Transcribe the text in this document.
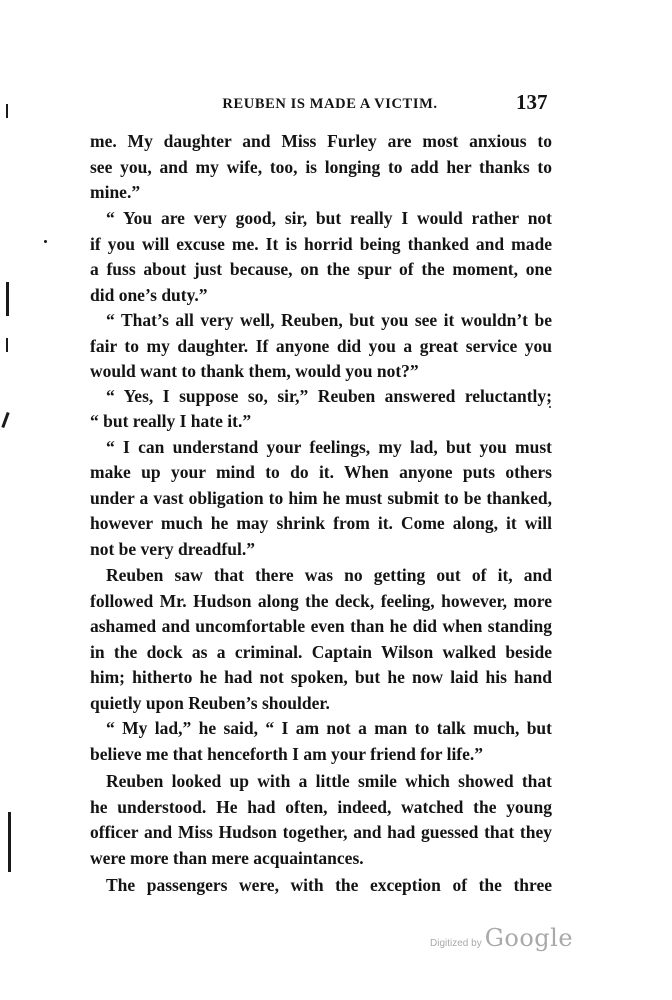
REUBEN IS MADE A VICTIM.	137
me. My daughter and Miss Furley are most anxious to
see you, and my wife, too, is longing to add her thanks to
mine.”
“ You are very good, sir, but really I would rather not
if you will excuse me. It is horrid being thanked and made
a fuss about just because, on the spur of the moment, one
did one’s duty.”
“ That’s all very well, Reuben, but you see it wouldn’t be
fair to my daughter. If anyone did you a great service you
would want to thank them, would you not?”
“ Yes, I suppose so, sir,” Reuben answered reluctantly;
“ but really I hate it.”
“ I can understand your feelings, my lad, but you must
make up your mind to do it. When anyone puts others
under a vast obligation to him he must submit to be thanked,
however much he may shrink from it. Come along, it will
not be very dreadful.”
Reuben saw that there was no getting out of it, and
followed Mr. Hudson along the deck, feeling, however, more
ashamed and uncomfortable even than he did when standing
in the dock as a criminal. Captain Wilson walked beside
him; hitherto he had not spoken, but he now laid his hand
quietly upon Reuben’s shoulder.
“ My lad,” he said, “ I am not a man to talk much, but
believe me that henceforth I am your friend for life.”
Reuben looked up with a little smile which showed that
he understood. He had often, indeed, watched the young
officer and Miss Hudson together, and had guessed that they
were more than mere acquaintances.
The passengers were, with the exception of the three
Digitized by Google
